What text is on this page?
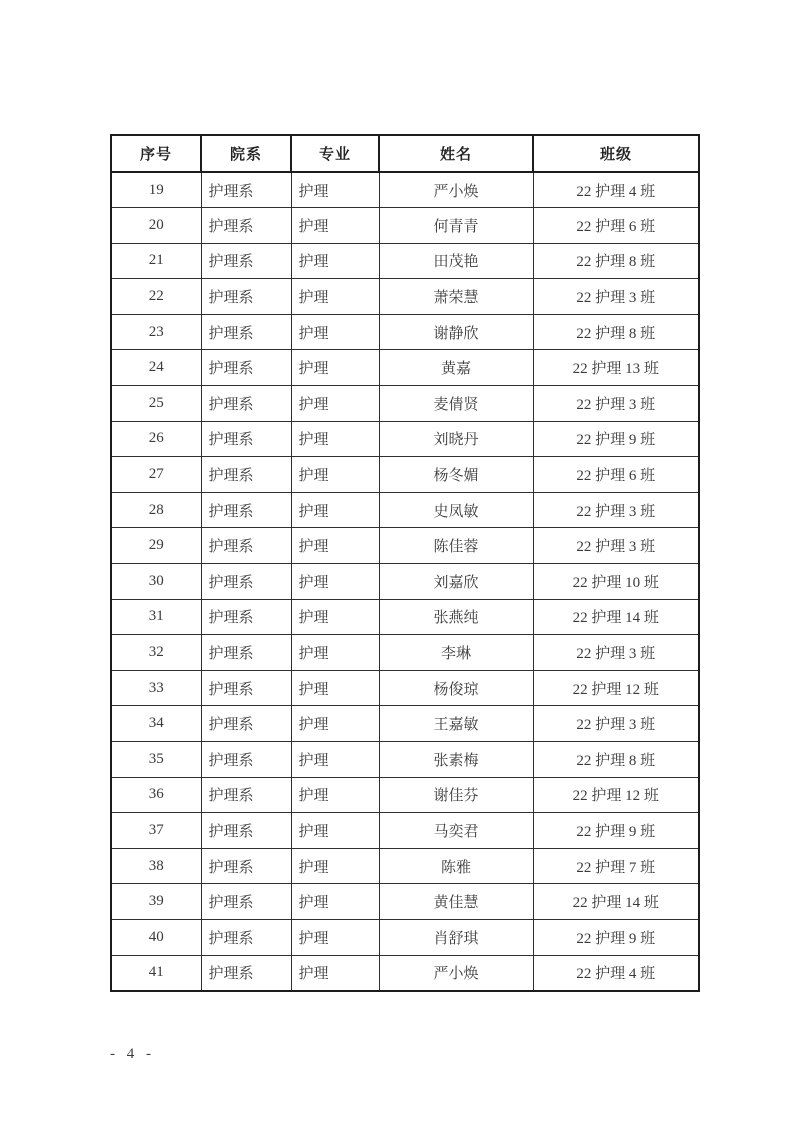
序号	院系	专业	姓名	班级
19	护理系	护理	严小焕	22 护理 4 班
20	护理系	护理	何青青	22 护理 6 班
21	护理系	护理	田茂艳	22 护理 8 班
22	护理系	护理	萧荣慧	22 护理 3 班
23	护理系	护理	谢静欣	22 护理 8 班
24	护理系	护理	黄嘉	22 护理 13 班
25	护理系	护理	麦倩贤	22 护理 3 班
26	护理系	护理	刘晓丹	22 护理 9 班
27	护理系	护理	杨冬媚	22 护理 6 班
28	护理系	护理	史凤敏	22 护理 3 班
29	护理系	护理	陈佳蓉	22 护理 3 班
30	护理系	护理	刘嘉欣	22 护理 10 班
31	护理系	护理	张燕纯	22 护理 14 班
32	护理系	护理	李琳	22 护理 3 班
33	护理系	护理	杨俊琼	22 护理 12 班
34	护理系	护理	王嘉敏	22 护理 3 班
35	护理系	护理	张素梅	22 护理 8 班
36	护理系	护理	谢佳芬	22 护理 12 班
37	护理系	护理	马奕君	22 护理 9 班
38	护理系	护理	陈雅	22 护理 7 班
39	护理系	护理	黄佳慧	22 护理 14 班
40	护理系	护理	肖舒琪	22 护理 9 班
41	护理系	护理	严小焕	22 护理 4 班
- 4 -
